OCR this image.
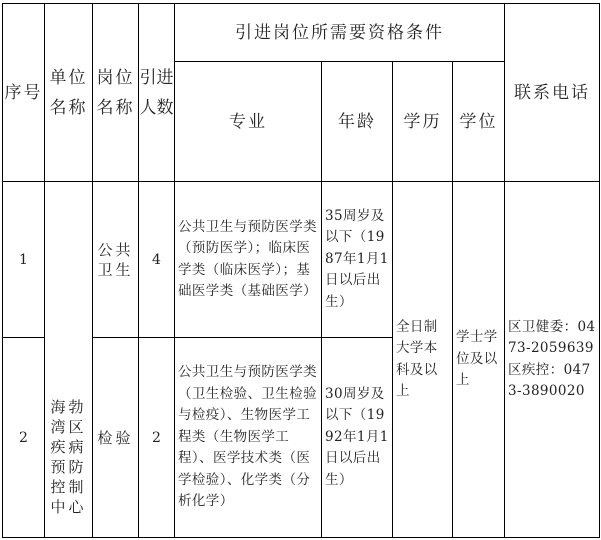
序号	单位名称	岗位名称	引进人数	引进岗位所需要资格条件				联系电话
				专业	年龄	学历	学位	
1	海勃湾区疾病预防控制中心	公共卫生	4	公共卫生与预防医学类（预防医学）；临床医学类（临床医学）；基础医学类（基础医学）	35周岁及以下（1987年1月1日以后出生）	全日制大学本科及以上	学士学位及以上	区卫健委：0473-2059639区疾控：0473-3890020
2		检验	2	公共卫生与预防医学类（卫生检验、卫生检验与检疫）、生物医学工程类（生物医学工程）、医学技术类（医学检验）、化学类（分析化学）	30周岁及以下（1992年1月1日以后出生）			
